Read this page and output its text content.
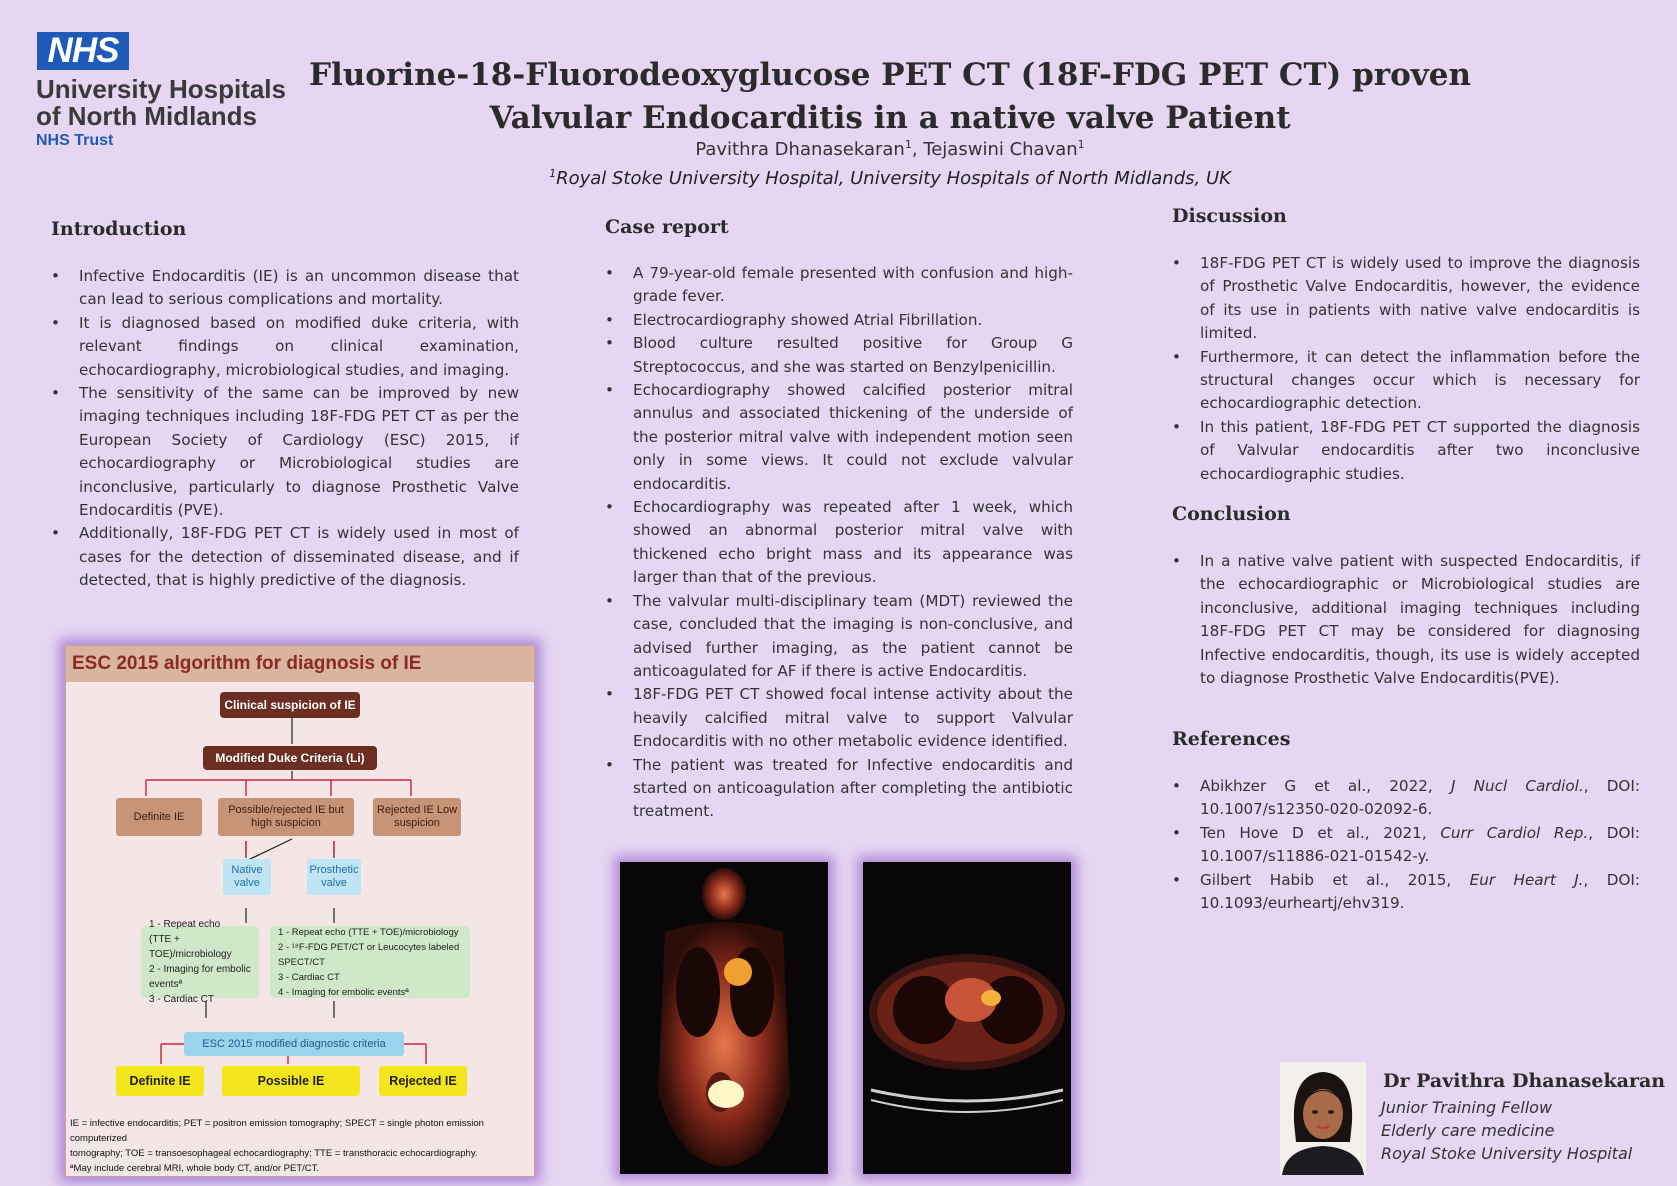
NHS
University Hospitals
of North Midlands
NHS Trust
Fluorine-18-Fluorodeoxyglucose PET CT (18F-FDG PET CT) proven
Valvular Endocarditis in a native valve Patient
Pavithra Dhanasekaran$^1$, Tejaswini Chavan$^1$
$^1$Royal Stoke University Hospital, University Hospitals of North Midlands, UK
Introduction
• Infective Endocarditis (IE) is an uncommon disease that can lead to serious complications and mortality.
• It is diagnosed based on modified duke criteria, with relevant findings on clinical examination, echocardiography, microbiological studies, and imaging.
• The sensitivity of the same can be improved by new imaging techniques including 18F-FDG PET CT as per the European Society of Cardiology (ESC) 2015, if echocardiography or Microbiological studies are inconclusive, particularly to diagnose Prosthetic Valve Endocarditis (PVE).
• Additionally, 18F-FDG PET CT is widely used in most of cases for the detection of disseminated disease, and if detected, that is highly predictive of the diagnosis.
ESC 2015 algorithm for diagnosis of IE
Clinical suspicion of IE
Modified Duke Criteria (Li)
Definite IE
Possible/rejected IE but high suspicion
Rejected IE Low suspicion
Native valve
Prosthetic valve
1 - Repeat echo
(TTE + TOE)/microbiology
2 - Imaging for embolic eventsª
3 - Cardiac CT
1 - Repeat echo (TTE + TOE)/microbiology
2 - ¹⁸F-FDG PET/CT or Leucocytes labeled SPECT/CT
3 - Cardiac CT
4 - Imaging for embolic eventsª
ESC 2015 modified diagnostic criteria
Definite IE	Possible IE	Rejected IE
IE = infective endocarditis; PET = positron emission tomography; SPECT = single photon emission computerized
tomography; TOE = transoesophageal echocardiography; TTE = transthoracic echocardiography.
ªMay include cerebral MRI, whole body CT, and/or PET/CT.
Case report
• A 79-year-old female presented with confusion and high-grade fever.
• Electrocardiography showed Atrial Fibrillation.
• Blood culture resulted positive for Group G Streptococcus, and she was started on Benzylpenicillin.
• Echocardiography showed calcified posterior mitral annulus and associated thickening of the underside of the posterior mitral valve with independent motion seen only in some views. It could not exclude valvular endocarditis.
• Echocardiography was repeated after 1 week, which showed an abnormal posterior mitral valve with thickened echo bright mass and its appearance was larger than that of the previous.
• The valvular multi-disciplinary team (MDT) reviewed the case, concluded that the imaging is non-conclusive, and advised further imaging, as the patient cannot be anticoagulated for AF if there is active Endocarditis.
• 18F-FDG PET CT showed focal intense activity about the heavily calcified mitral valve to support Valvular Endocarditis with no other metabolic evidence identified.
• The patient was treated for Infective endocarditis and started on anticoagulation after completing the antibiotic treatment.
Discussion
• 18F-FDG PET CT is widely used to improve the diagnosis of Prosthetic Valve Endocarditis, however, the evidence of its use in patients with native valve endocarditis is limited.
• Furthermore, it can detect the inflammation before the structural changes occur which is necessary for echocardiographic detection.
• In this patient, 18F-FDG PET CT supported the diagnosis of Valvular endocarditis after two inconclusive echocardiographic studies.
Conclusion
• In a native valve patient with suspected Endocarditis, if the echocardiographic or Microbiological studies are inconclusive, additional imaging techniques including 18F-FDG PET CT may be considered for diagnosing Infective endocarditis, though, its use is widely accepted to diagnose Prosthetic Valve Endocarditis(PVE).
References
• Abikhzer G et al., 2022, J Nucl Cardiol., DOI: 10.1007/s12350-020-02092-6.
• Ten Hove D et al., 2021, Curr Cardiol Rep., DOI: 10.1007/s11886-021-01542-y.
• Gilbert Habib et al., 2015, Eur Heart J., DOI: 10.1093/eurheartj/ehv319.
Dr Pavithra Dhanasekaran
Junior Training Fellow
Elderly care medicine
Royal Stoke University Hospital
